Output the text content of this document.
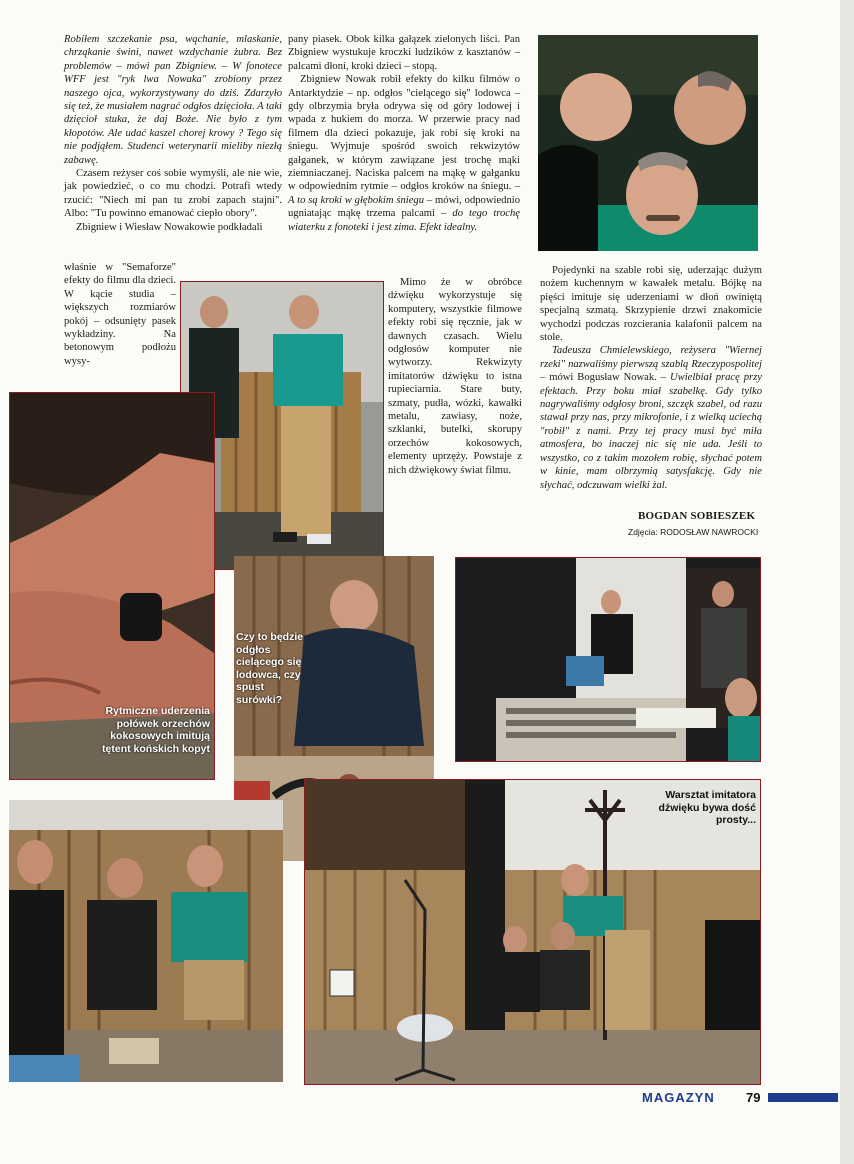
Robiłem szczekanie psa, wąchanie, mlaskanie, chrząkanie świni, nawet wzdychanie żubra. Bez problemów – mówi pan Zbigniew. – W fonotece WFF jest "ryk lwa Nowaka" zrobiony przez naszego ojca, wykorzystywany do dziś. Zdarzyło się też, że musiałem nagrać odgłos dzięcioła. A taki dzięcioł stuka, że daj Boże. Nie było z tym kłopotów. Ale udać kaszel chorej krowy ? Tego się nie podjąłem. Studenci weterynarii mieliby niezłą zabawę.

Czasem reżyser coś sobie wymyśli, ale nie wie, jak powiedzieć, o co mu chodzi. Potrafi wtedy rzucić: "Niech mi pan tu zrobi zapach stajni". Albo: "Tu powinno emanować ciepło obory".

Zbigniew i Wiesław Nowakowie podkładali

właśnie w "Semaforze" efekty do filmu dla dzieci. W kącie studia – większych rozmiarów pokój – odsunięty pasek wykładziny. Na betonowym podłożu wysy-

pany piasek. Obok kilka gałązek zielonych liści. Pan Zbigniew wystukuje kroczki ludzików z kasztanów – palcami dłoni, kroki dzieci – stopą.

Zbigniew Nowak robił efekty do kilku filmów o Antarktydzie – np. odgłos "cielącego się" lodowca – gdy olbrzymia bryła odrywa się od góry lodowej i wpada z hukiem do morza. W przerwie pracy nad filmem dla dzieci pokazuje, jak robi się kroki na śniegu. Wyjmuje spośród swoich rekwizytów gałganek, w którym zawiązane jest trochę mąki ziemniaczanej. Naciska palcem na mąkę w gałganku w odpowiednim rytmie – odgłos kroków na śniegu. – A to są kroki w głębokim śniegu – mówi, odpowiednio ugniatając mąkę trzema palcami – do tego trochę wiaterku z fonoteki i jest zima. Efekt idealny.

Mimo że w obróbce dźwięku wykorzystuje się komputery, wszystkie filmowe efekty robi się ręcznie, jak w dawnych czasach. Wielu odgłosów komputer nie wytworzy. Rekwizyty imitatorów dźwięku to istna rupieciarnia. Stare buty, szmaty, pudła, wózki, kawałki metalu, zawiasy, noże, szklanki, butelki, skorupy orzechów kokosowych, elementy uprzęży. Powstaje z nich dźwiękowy świat filmu.

Pojedynki na szable robi się, uderzając dużym nożem kuchennym w kawałek metalu. Bójkę na pięści imituje się uderzeniami w dłoń owiniętą specjalną szmatą. Skrzypienie drzwi znakomicie wychodzi podczas rozcierania kalafonii palcem na stole.

Tadeusza Chmielewskiego, reżysera "Wiernej rzeki" nazwaliśmy pierwszą szablą Rzeczypospolitej – mówi Bogusław Nowak. – Uwielbiał pracę przy efektach. Przy boku miał szabelkę. Gdy tylko nagrywaliśmy odgłosy broni, szczęk szabel, od razu stawał przy nas, przy mikrofonie, i z wielką uciechą "robił" z nami. Przy tej pracy musi być miła atmosfera, bo inaczej nic się nie uda. Jeśli to wszystko, co z takim mozołem robię, słychać potem w kinie, mam olbrzymią satysfakcję. Gdy nie słychać, odczuwam wielki żal.

BOGDAN SOBIESZEK
Zdjęcia: RODOSŁAW NAWROCKI
Rytmiczne uderzenia połówek orzechów kokosowych imitują tętent końskich kopyt
Czy to będzie odgłos cielącego się lodowca, czy spust surówki?
Warsztat imitatora dźwięku bywa dość prosty...
MAGAZYN 79
